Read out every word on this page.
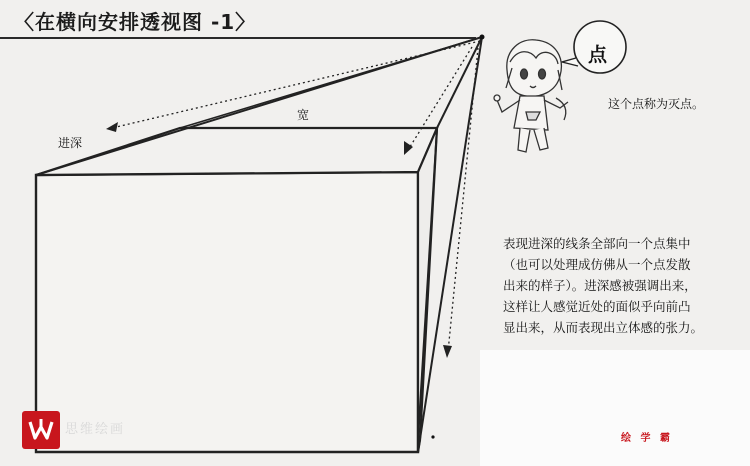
〈在横向安排透视图 -1〉
进深
宽
点
这个点称为灭点。
表现进深的线条全部向一个点集中
（也可以处理成仿佛从一个点发散
出来的样子）。进深感被强调出来，
这样让人感觉近处的面似乎向前凸
显出来，从而表现出立体感的张力。
思维绘画
绘 学 霸
